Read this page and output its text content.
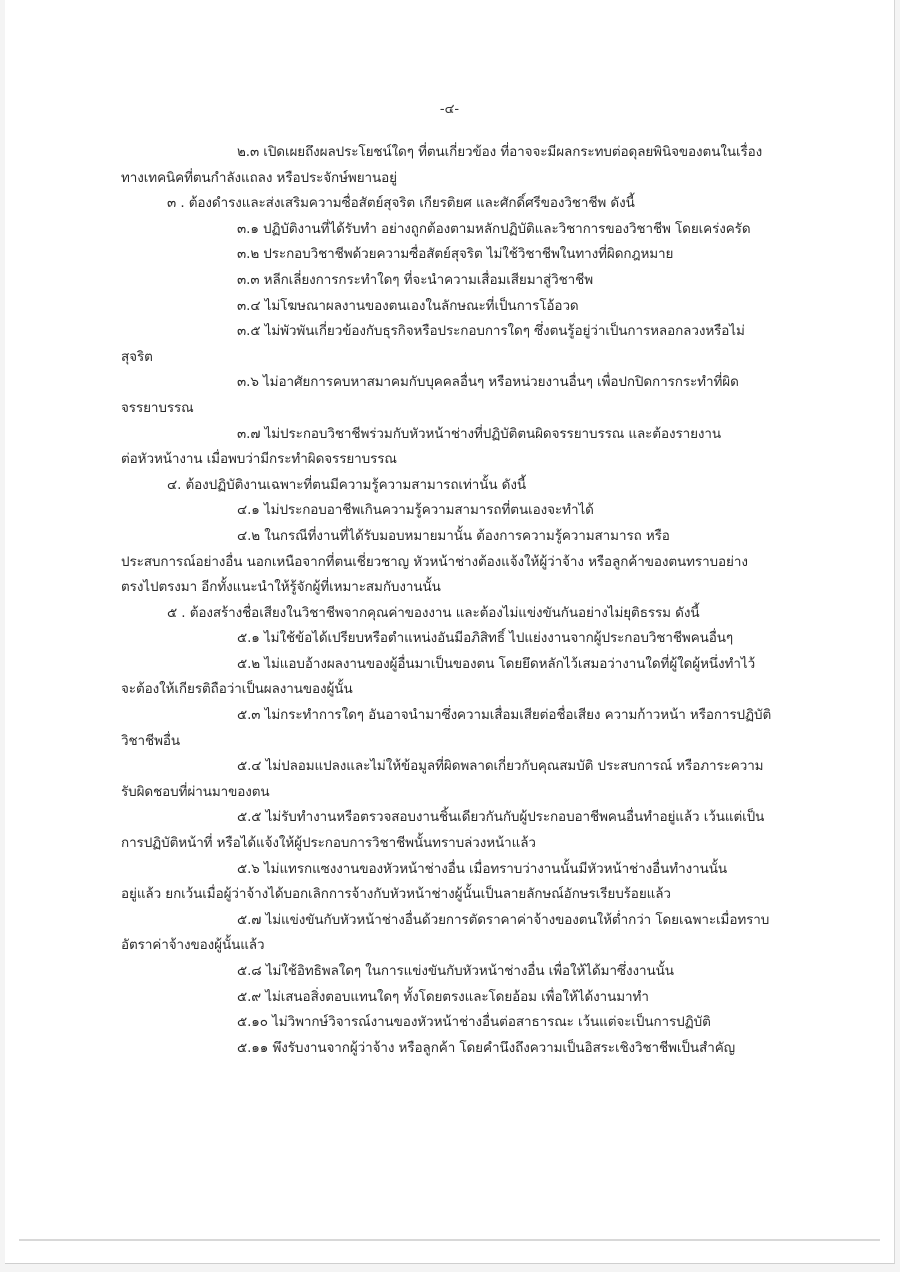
-๔-
๒.๓ เปิดเผยถึงผลประโยชน์ใดๆ ที่ตนเกี่ยวข้อง ที่อาจจะมีผลกระทบต่อดุลยพินิจของตนในเรื่อง
ทางเทคนิคที่ตนกำลังแถลง หรือประจักษ์พยานอยู่
๓ . ต้องดำรงและส่งเสริมความซื่อสัตย์สุจริต เกียรติยศ และศักดิ์ศรีของวิชาชีพ ดังนี้
๓.๑ ปฏิบัติงานที่ได้รับทำ อย่างถูกต้องตามหลักปฏิบัติและวิชาการของวิชาชีพ โดยเคร่งครัด
๓.๒ ประกอบวิชาชีพด้วยความซื่อสัตย์สุจริต ไม่ใช้วิชาชีพในทางที่ผิดกฎหมาย
๓.๓ หลีกเลี่ยงการกระทำใดๆ ที่จะนำความเสื่อมเสียมาสู่วิชาชีพ
๓.๔ ไม่โฆษณาผลงานของตนเองในลักษณะที่เป็นการโอ้อวด
๓.๕ ไม่พัวพันเกี่ยวข้องกับธุรกิจหรือประกอบการใดๆ ซึ่งตนรู้อยู่ว่าเป็นการหลอกลวงหรือไม่
สุจริต
๓.๖ ไม่อาศัยการคบหาสมาคมกับบุคคลอื่นๆ หรือหน่วยงานอื่นๆ เพื่อปกปิดการกระทำที่ผิด
จรรยาบรรณ
๓.๗ ไม่ประกอบวิชาชีพร่วมกับหัวหน้าช่างที่ปฏิบัติตนผิดจรรยาบรรณ และต้องรายงาน
ต่อหัวหน้างาน เมื่อพบว่ามีกระทำผิดจรรยาบรรณ
๔. ต้องปฏิบัติงานเฉพาะที่ตนมีความรู้ความสามารถเท่านั้น ดังนี้
๔.๑ ไม่ประกอบอาชีพเกินความรู้ความสามารถที่ตนเองจะทำได้
๔.๒ ในกรณีที่งานที่ได้รับมอบหมายมานั้น ต้องการความรู้ความสามารถ หรือ
ประสบการณ์อย่างอื่น นอกเหนือจากที่ตนเชี่ยวชาญ หัวหน้าช่างต้องแจ้งให้ผู้ว่าจ้าง หรือลูกค้าของตนทราบอย่าง
ตรงไปตรงมา อีกทั้งแนะนำให้รู้จักผู้ที่เหมาะสมกับงานนั้น
๕ . ต้องสร้างชื่อเสียงในวิชาชีพจากคุณค่าของงาน และต้องไม่แข่งขันกันอย่างไม่ยุติธรรม ดังนี้
๕.๑ ไม่ใช้ข้อได้เปรียบหรือตำแหน่งอันมีอภิสิทธิ์ ไปแย่งงานจากผู้ประกอบวิชาชีพคนอื่นๆ
๕.๒ ไม่แอบอ้างผลงานของผู้อื่นมาเป็นของตน โดยยึดหลักไว้เสมอว่างานใดที่ผู้ใดผู้หนึ่งทำไว้
จะต้องให้เกียรติถือว่าเป็นผลงานของผู้นั้น
๕.๓ ไม่กระทำการใดๆ อันอาจนำมาซึ่งความเสื่อมเสียต่อชื่อเสียง ความก้าวหน้า หรือการปฏิบัติ
วิชาชีพอื่น
๕.๔ ไม่ปลอมแปลงและไม่ให้ข้อมูลที่ผิดพลาดเกี่ยวกับคุณสมบัติ ประสบการณ์ หรือภาระความ
รับผิดชอบที่ผ่านมาของตน
๕.๕ ไม่รับทำงานหรือตรวจสอบงานชิ้นเดียวกันกับผู้ประกอบอาชีพคนอื่นทำอยู่แล้ว เว้นแต่เป็น
การปฏิบัติหน้าที่ หรือได้แจ้งให้ผู้ประกอบการวิชาชีพนั้นทราบล่วงหน้าแล้ว
๕.๖ ไม่แทรกแซงงานของหัวหน้าช่างอื่น เมื่อทราบว่างานนั้นมีหัวหน้าช่างอื่นทำงานนั้น
อยู่แล้ว ยกเว้นเมื่อผู้ว่าจ้างได้บอกเลิกการจ้างกับหัวหน้าช่างผู้นั้นเป็นลายลักษณ์อักษรเรียบร้อยแล้ว
๕.๗ ไม่แข่งขันกับหัวหน้าช่างอื่นด้วยการตัดราคาค่าจ้างของตนให้ต่ำกว่า โดยเฉพาะเมื่อทราบ
อัตราค่าจ้างของผู้นั้นแล้ว
๕.๘ ไม่ใช้อิทธิพลใดๆ ในการแข่งขันกับหัวหน้าช่างอื่น เพื่อให้ได้มาซึ่งงานนั้น
๕.๙ ไม่เสนอสิ่งตอบแทนใดๆ ทั้งโดยตรงและโดยอ้อม เพื่อให้ได้งานมาทำ
๕.๑๐ ไม่วิพากษ์วิจารณ์งานของหัวหน้าช่างอื่นต่อสาธารณะ เว้นแต่จะเป็นการปฏิบัติ
๕.๑๑ พึงรับงานจากผู้ว่าจ้าง หรือลูกค้า โดยคำนึงถึงความเป็นอิสระเชิงวิชาชีพเป็นสำคัญ
